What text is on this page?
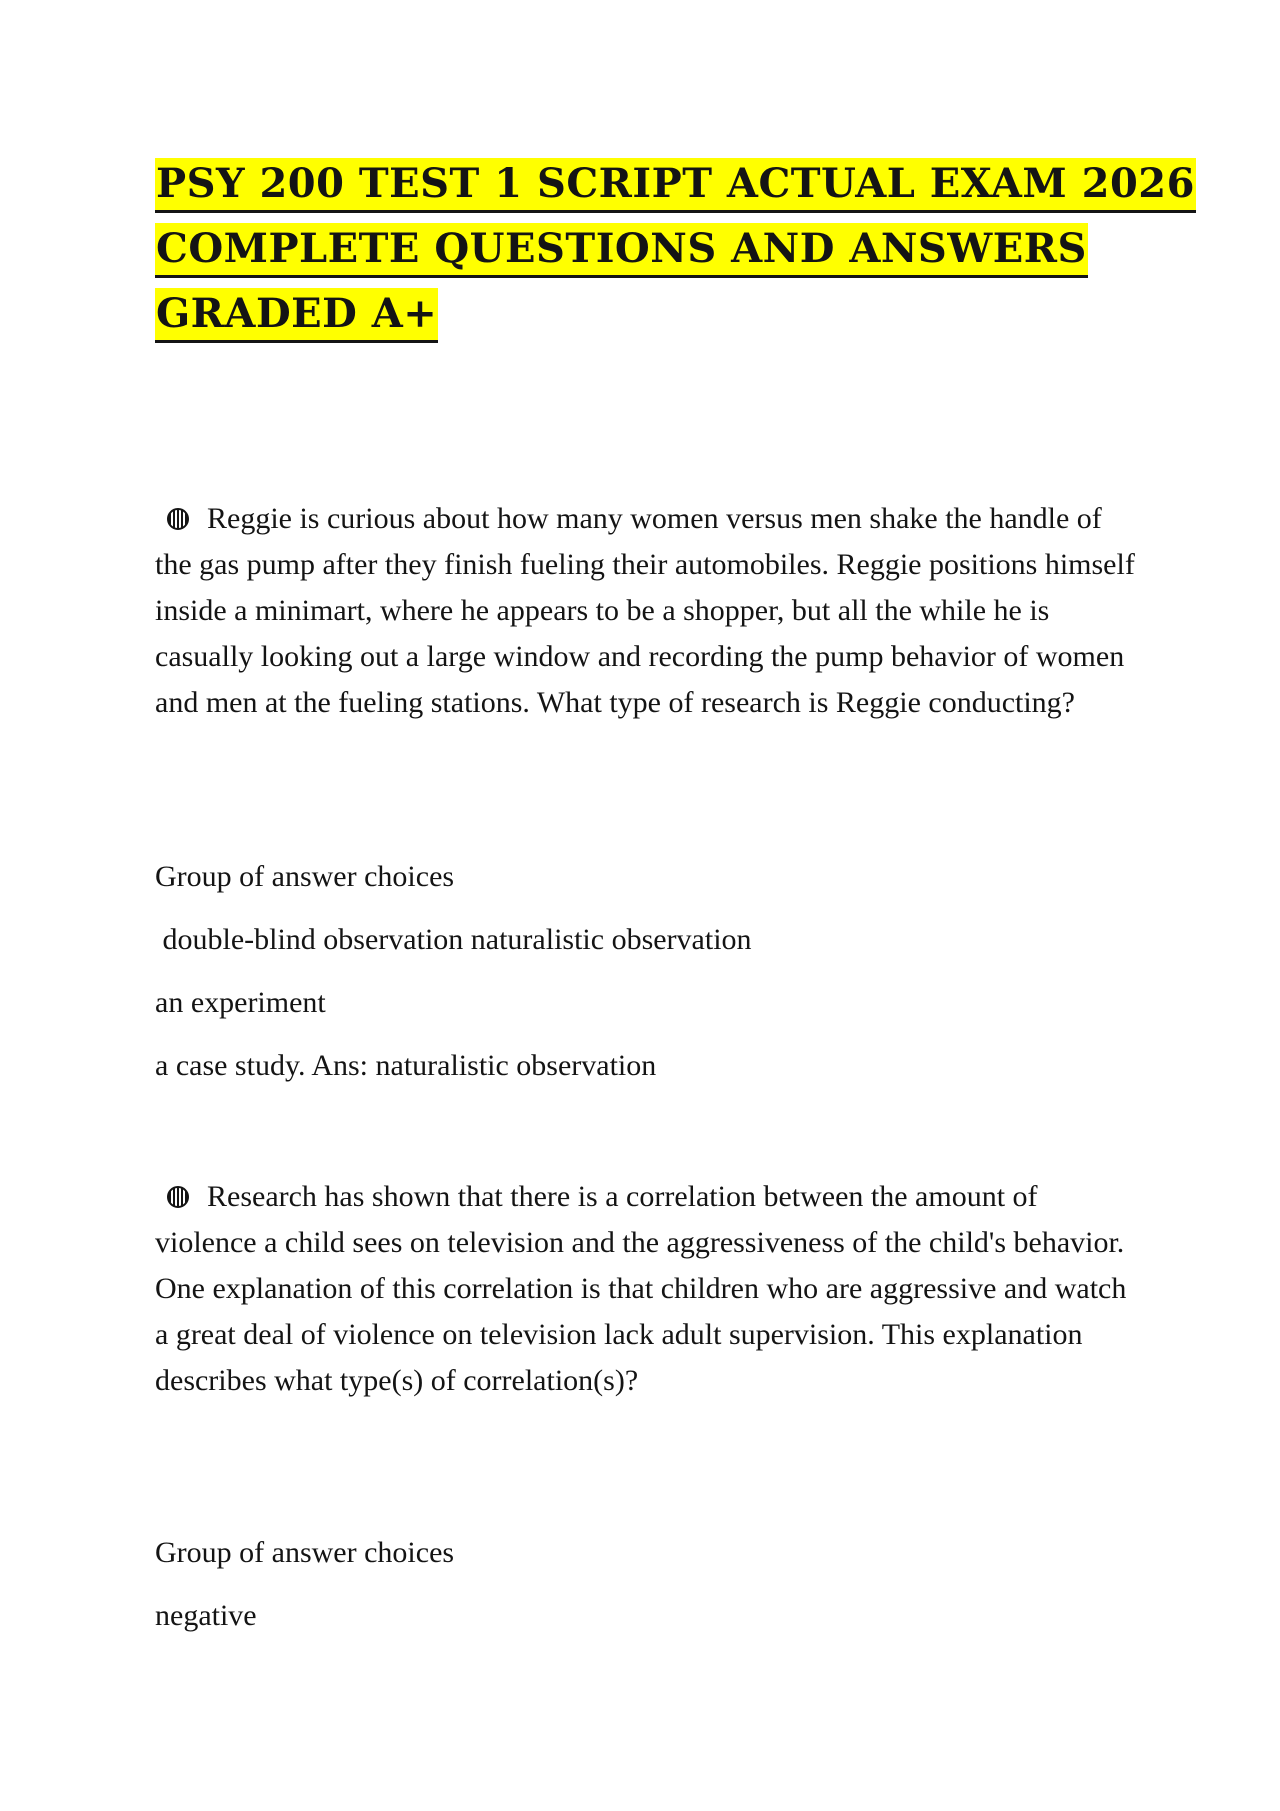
PSY 200 TEST 1 SCRIPT ACTUAL EXAM 2026
COMPLETE QUESTIONS AND ANSWERS
GRADED A+
Reggie is curious about how many women versus men shake the handle of the gas pump after they finish fueling their automobiles. Reggie positions himself inside a minimart, where he appears to be a shopper, but all the while he is casually looking out a large window and recording the pump behavior of women and men at the fueling stations. What type of research is Reggie conducting?
Group of answer choices
double-blind observation naturalistic observation
an experiment
a case study. Ans: naturalistic observation
Research has shown that there is a correlation between the amount of violence a child sees on television and the aggressiveness of the child's behavior. One explanation of this correlation is that children who are aggressive and watch a great deal of violence on television lack adult supervision. This explanation describes what type(s) of correlation(s)?
Group of answer choices
negative
